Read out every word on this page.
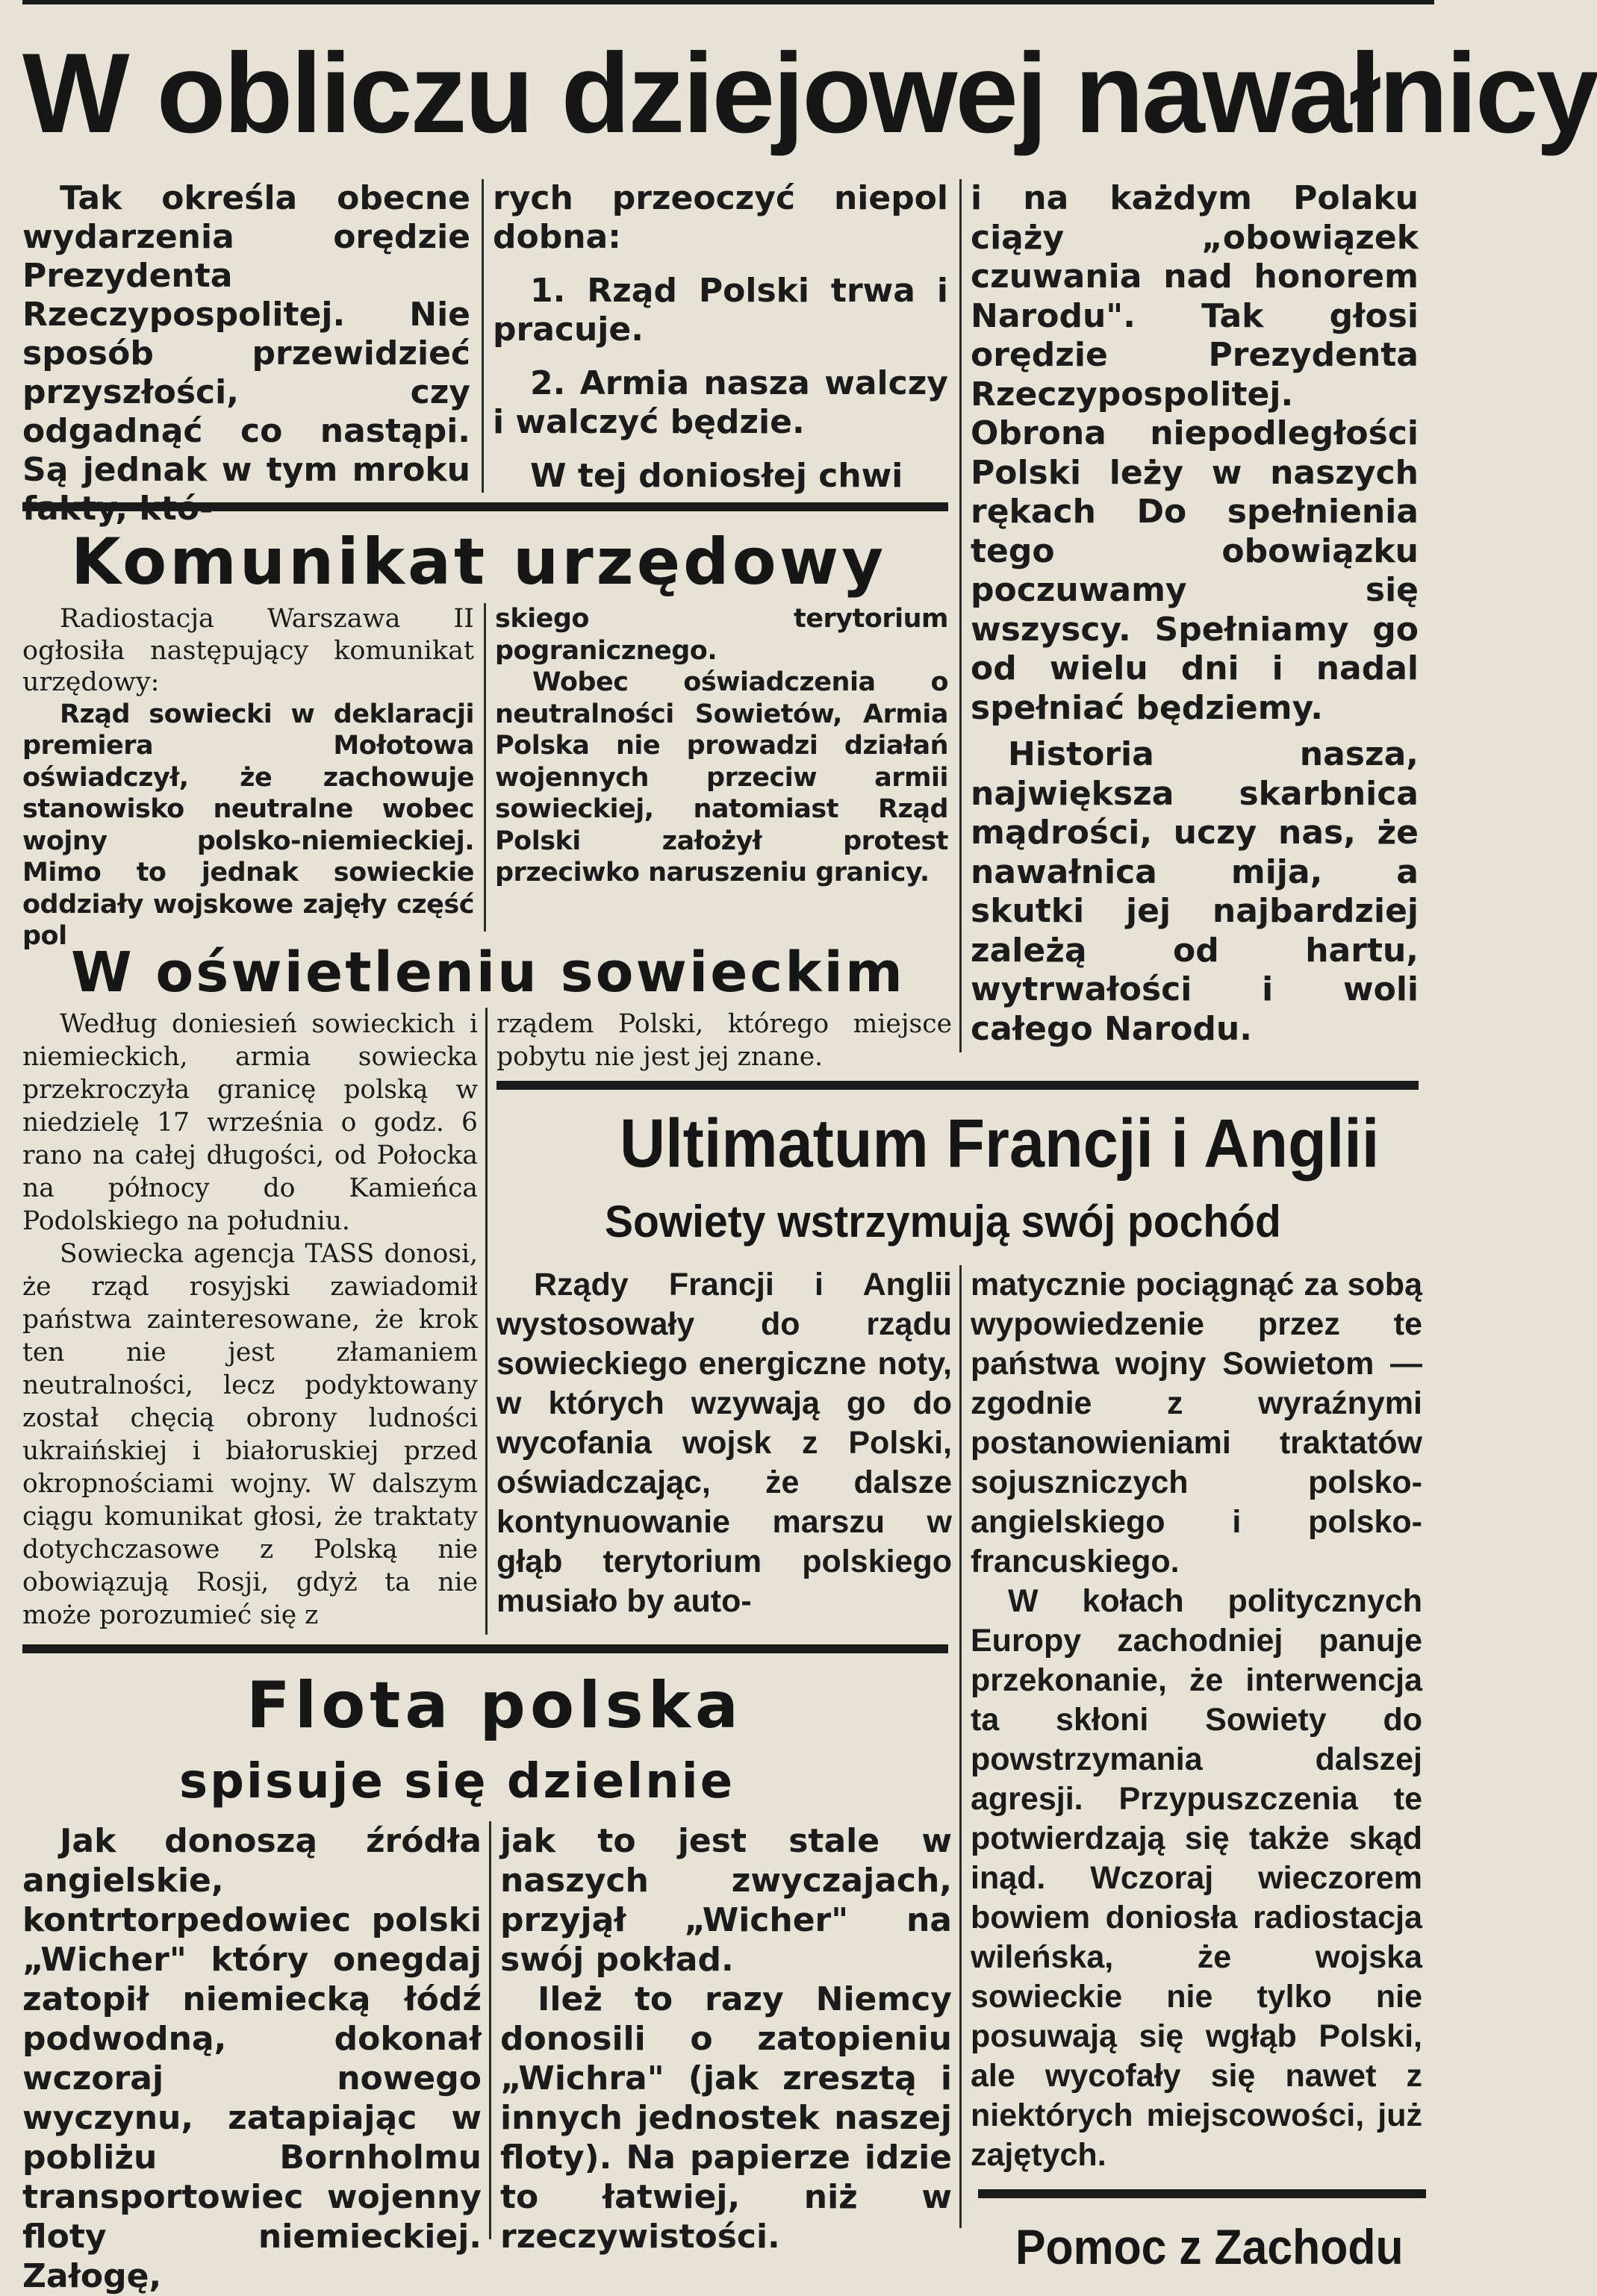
W obliczu dziejowej nawałnicy

Tak określa obecne wydarzenia orędzie Prezydenta Rzeczypospolitej. Nie sposób przewidzieć przyszłości, czy odgadnąć co nastąpi. Są jednak w tym mroku

rych przeoczyć niepol dobna:

1. Rząd Polski trwa i pracuje.

2. Armia nasza walczy i walczyć będzie.

W tej doniosłej chwi

i na każdym Polaku ciąży „obowiązek czuwania nad honorem Narodu". Tak głosi orędzie Prezydenta Rzeczypospolitej. Obrona niepodległości Polski leży w naszych rękach Do spełnienia tego obowiązku poczuwamy się wszyscy. Spełniamy go od wielu dni i nadal spełniać będziemy.

Historia nasza, największa skarbnica mądrości, uczy nas, że nawałnica mija, a skutki jej najbardziej zależą od hartu, wytrwałości i woli całego Narodu.

Komunikat urzędowy

Radiostacja Warszawa II ogłosiła następujący komunikat urzędowy:

Rząd sowiecki w deklaracji premiera Mołotowa oświadczył, że zachowuje stanowisko neutralne wobec wojny polsko-niemieckiej. Mimo to jednak sowieckie oddziały wojskowe zajęły część pol

skiego terytorium pogranicznego.

Wobec oświadczenia o neutralności Sowietów, Armia Polska nie prowadzi działań wojennych przeciw armii sowieckiej, natomiast Rząd Polski założył protest przeciwko naruszeniu granicy.

W oświetleniu sowieckim

Według doniesień sowieckich i niemieckich, armia sowiecka przekroczyła granicę polską w niedzielę 17 września o godz. 6 rano na całej długości, od Połocka na północy do Kamieńca Podolskiego na południu.

Sowiecka agencja TASS donosi, że rząd rosyjski zawiadomił państwa zainteresowane, że krok ten nie jest złamaniem neutralności, lecz podyktowany został chęcią obrony ludności ukraińskiej i białoruskiej przed okropnościami wojny. W dalszym ciągu komunikat głosi, że traktaty dotychczasowe z Polską nie obowiązują Rosji, gdyż ta nie może porozumieć się z

rządem Polski, którego miejsce pobytu nie jest jej znane.

Ultimatum Francji i Anglii
Sowiety wstrzymują swój pochód

Rządy Francji i Anglii wystosowały do rządu sowieckiego energiczne noty, w których wzywają go do wycofania wojsk z Polski, oświadczając, że dalsze kontynuowanie marszu w głąb terytorium polskiego musiało by auto-

matycznie pociągnąć za sobą wypowiedzenie przez te państwa wojny Sowietom — zgodnie z wyraźnymi postanowieniami traktatów sojuszniczych polsko-angielskiego i polsko-francuskiego.

W kołach politycznych Europy zachodniej panuje przekonanie, że interwencja ta skłoni Sowiety do powstrzymania dalszej agresji. Przypuszczenia te potwierdzają się także skąd inąd. Wczoraj wieczorem bowiem doniosła radiostacja wileńska, że wojska sowieckie nie tylko nie posuwają się wgłąb Polski, ale wycofały się nawet z niektórych miejscowości, już zajętych.

Flota polska
spisuje się dzielnie

Jak donoszą źródła angielskie, kontrtorpedowiec polski „Wicher" który onegdaj zatopił niemiecką łódź podwodną, dokonał wczoraj nowego wyczynu, zatapiając w pobliżu Bornholmu transportowiec wojenny floty niemieckiej. Załogę,

jak to jest stale w naszych zwyczajach, przyjął „Wicher" na swój pokład.

Ileż to razy Niemcy donosili o zatopieniu „Wichra" (jak zresztą i innych jednostek naszej floty). Na papierze idzie to łatwiej, niż w rzeczywistości.	Pomoc z Zachodu
